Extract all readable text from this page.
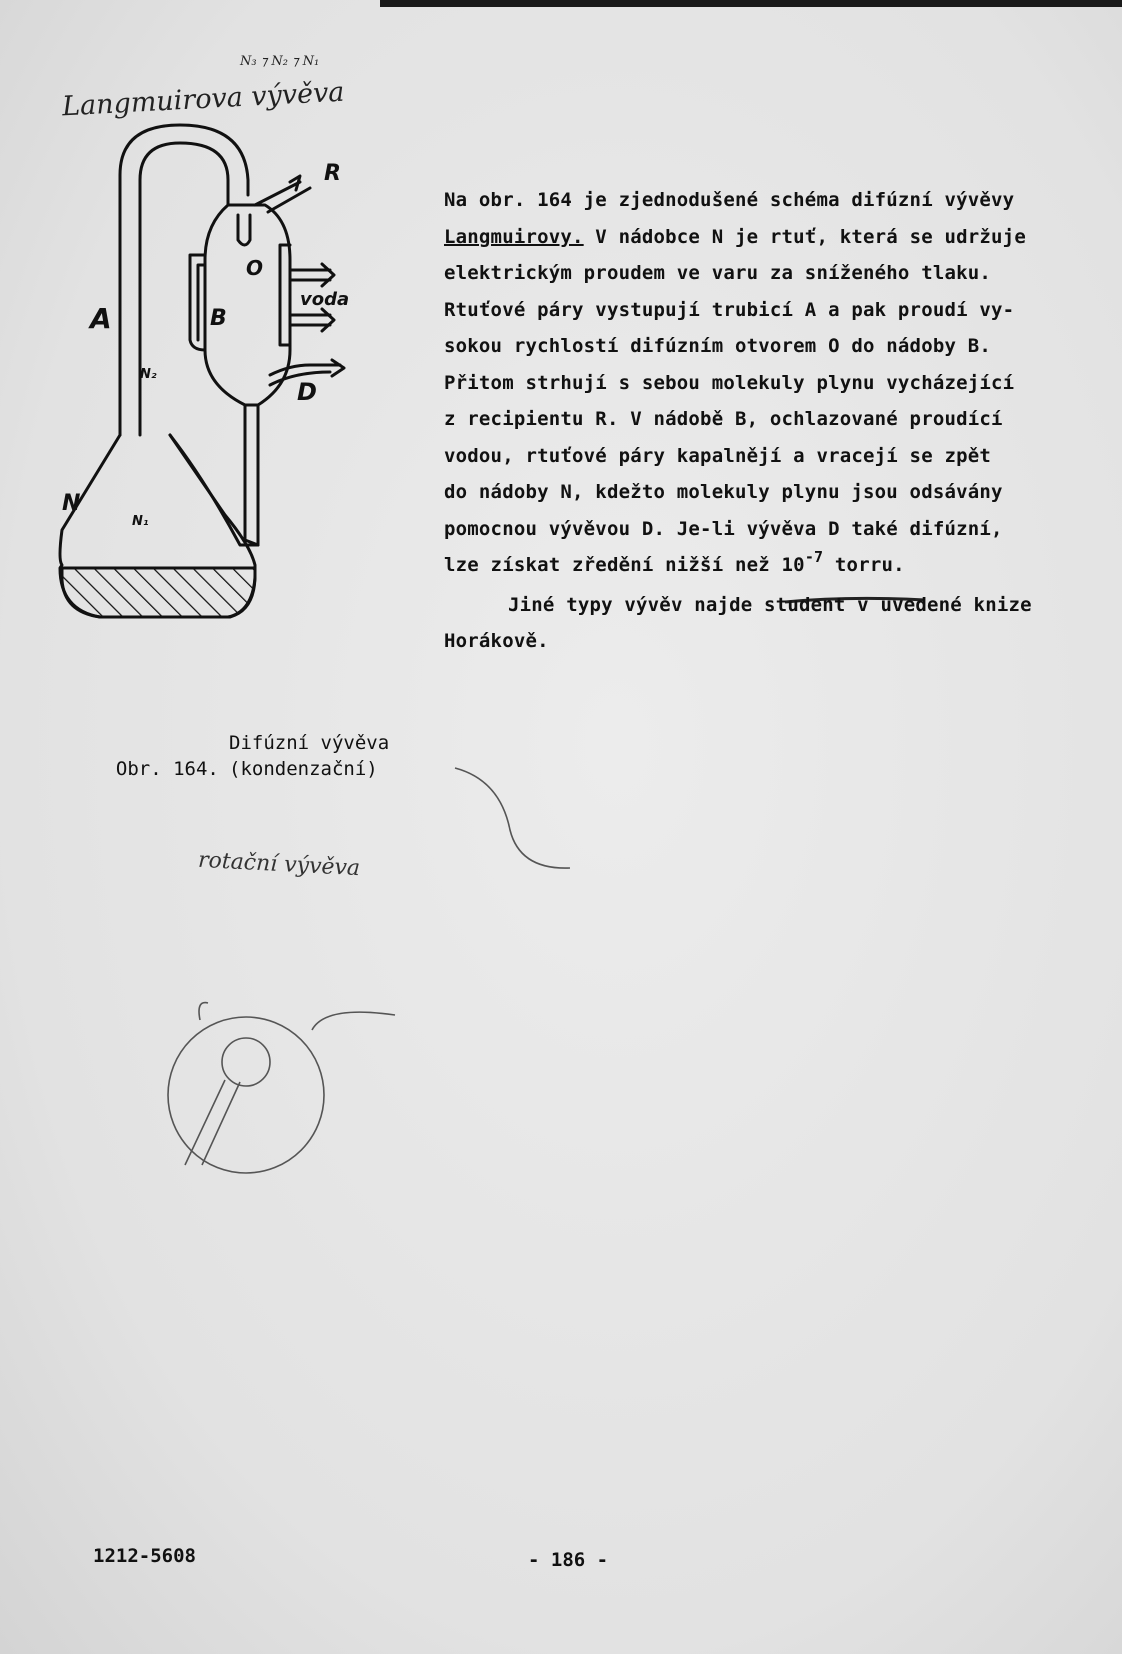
N₃ ⁊ N₂ ⁊ N₁
Langmuirova vývěva
rotační vývěva
R
O
B
A
voda
D
N
N₁
N₂

Na obr. 164 je zjednodušené schéma difúzní vývěvy

Langmuirovy. V nádobce N je rtuť, která se udržuje

elektrickým proudem ve varu za sníženého tlaku.

Rtuťové páry vystupují trubicí A a pak proudí vy-

sokou rychlostí difúzním otvorem O do nádoby B.

Přitom strhují s sebou molekuly plynu vycházející

z recipientu R. V nádobě B, ochlazované proudící

vodou, rtuťové páry kapalnějí a vracejí se zpět

do nádoby N, kdežto molekuly plynu jsou odsávány

pomocnou vývěvou D. Je-li vývěva D také difúzní,

lze získat zředění nižší než $10^{-7}$ torru.

Jiné typy vývěv najde student v uvedené knize

Horákově.

Obr. 164.

Difúzní vývěva

(kondenzační)

1212-5608	- 186 -
